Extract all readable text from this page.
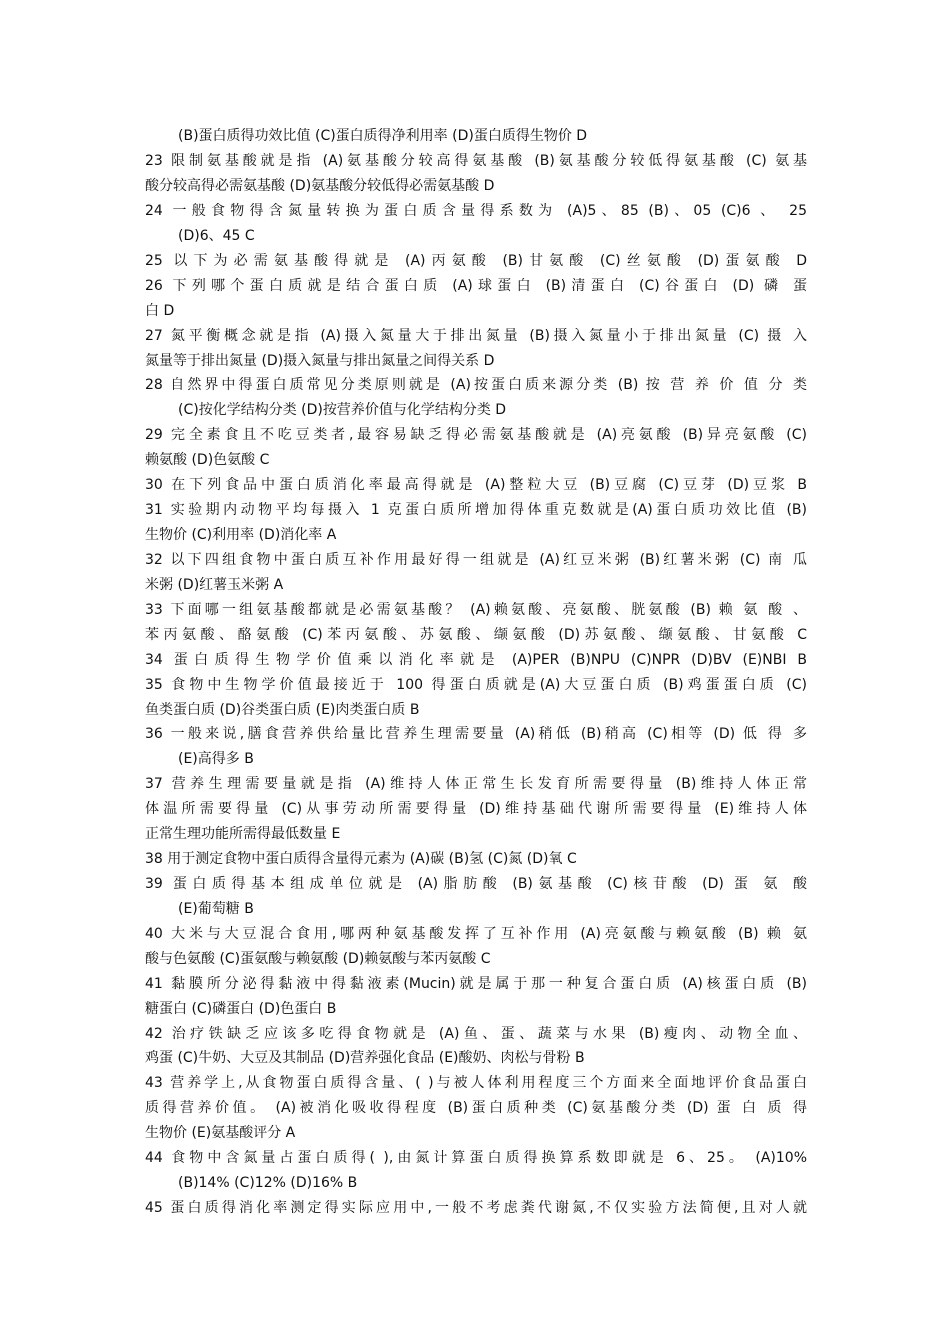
(B)蛋白质得功效比值 (C)蛋白质得净利用率 (D)蛋白质得生物价 D
23 限制氨基酸就是指 (A)氨基酸分较高得氨基酸 (B)氨基酸分较低得氨基酸 (C) 氨基
酸分较高得必需氨基酸 (D)氨基酸分较低得必需氨基酸 D
24 一般食物得含氮量转换为蛋白质含量得系数为 (A)5、85 (B)、05 (C)6 、 25
(D)6、45 C
25 以下为必需氨基酸得就是 (A)丙氨酸 (B)甘氨酸 (C)丝氨酸 (D)蛋氨酸 D
26 下列哪个蛋白质就是结合蛋白质 (A)球蛋白 (B)清蛋白 (C)谷蛋白 (D) 磷 蛋
白 D
27 氮平衡概念就是指 (A)摄入氮量大于排出氮量 (B)摄入氮量小于排出氮量 (C) 摄 入
氮量等于排出氮量 (D)摄入氮量与排出氮量之间得关系 D
28 自然界中得蛋白质常见分类原则就是 (A)按蛋白质来源分类 (B) 按 营 养 价 值 分 类
(C)按化学结构分类 (D)按营养价值与化学结构分类 D
29 完全素食且不吃豆类者,最容易缺乏得必需氨基酸就是 (A)亮氨酸 (B)异亮氨酸 (C)
赖氨酸 (D)色氨酸 C
30 在下列食品中蛋白质消化率最高得就是 (A)整粒大豆 (B)豆腐 (C)豆芽 (D)豆浆 B
31 实验期内动物平均每摄入 1 克蛋白质所增加得体重克数就是(A)蛋白质功效比值 (B)
生物价 (C)利用率 (D)消化率 A
32 以下四组食物中蛋白质互补作用最好得一组就是 (A)红豆米粥 (B)红薯米粥 (C) 南 瓜
米粥 (D)红薯玉米粥 A
33 下面哪一组氨基酸都就是必需氨基酸？ (A)赖氨酸、亮氨酸、胱氨酸 (B) 赖 氨 酸 、
苯丙氨酸、酪氨酸 (C)苯丙氨酸、苏氨酸、缬氨酸 (D)苏氨酸、缬氨酸、甘氨酸 C
34 蛋白质得生物学价值乘以消化率就是 (A)PER (B)NPU (C)NPR (D)BV (E)NBI B
35 食物中生物学价值最接近于 100 得蛋白质就是(A)大豆蛋白质 (B)鸡蛋蛋白质 (C)
鱼类蛋白质 (D)谷类蛋白质 (E)肉类蛋白质 B
36 一般来说,膳食营养供给量比营养生理需要量 (A)稍低 (B)稍高 (C)相等 (D) 低 得 多
(E)高得多 B
37 营养生理需要量就是指 (A)维持人体正常生长发育所需要得量 (B)维持人体正常
体温所需要得量 (C)从事劳动所需要得量 (D)维持基础代谢所需要得量 (E)维持人体
正常生理功能所需得最低数量 E
38 用于测定食物中蛋白质得含量得元素为 (A)碳 (B)氢 (C)氮 (D)氧 C
39 蛋白质得基本组成单位就是 (A)脂肪酸 (B)氨基酸 (C)核苷酸 (D) 蛋 氨 酸
(E)葡萄糖 B
40 大米与大豆混合食用,哪两种氨基酸发挥了互补作用 (A)亮氨酸与赖氨酸 (B) 赖 氨
酸与色氨酸 (C)蛋氨酸与赖氨酸 (D)赖氨酸与苯丙氨酸 C
41 黏膜所分泌得黏液中得黏液素(Mucin)就是属于那一种复合蛋白质 (A)核蛋白质 (B)
糖蛋白 (C)磷蛋白 (D)色蛋白 B
42 治疗铁缺乏应该多吃得食物就是 (A)鱼、蛋、蔬菜与水果 (B)瘦肉、动物全血、
鸡蛋 (C)牛奶、大豆及其制品 (D)营养强化食品 (E)酸奶、肉松与骨粉 B
43 营养学上,从食物蛋白质得含量、( )与被人体利用程度三个方面来全面地评价食品蛋白
质得营养价值。 (A)被消化吸收得程度 (B)蛋白质种类 (C)氨基酸分类 (D) 蛋 白 质 得
生物价 (E)氨基酸评分 A
44 食物中含氮量占蛋白质得( ),由氮计算蛋白质得换算系数即就是 6、25。 (A)10%
(B)14% (C)12% (D)16% B
45 蛋白质得消化率测定得实际应用中,一般不考虑粪代谢氮,不仅实验方法简便,且对人就
